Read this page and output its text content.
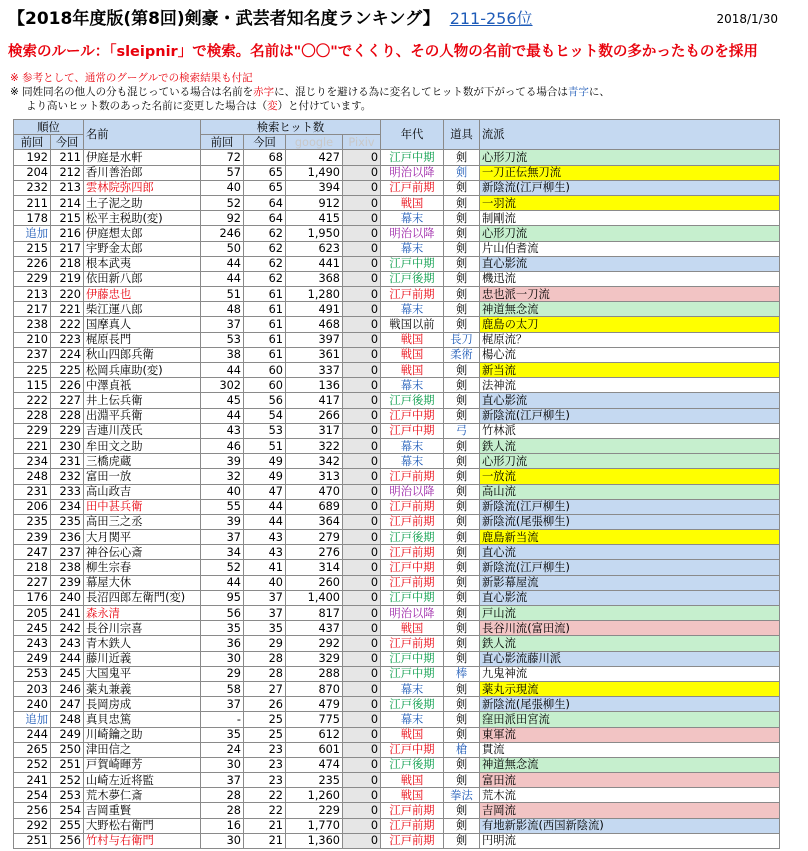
【2018年度版(第8回)剣豪・武芸者知名度ランキング】 211-256位	2018/1/30
検索のルール：「sleipnir」で検索。名前は"〇〇"でくくり、その人物の名前で最もヒット数の多かったものを採用
※ 参考として、通常のグーグルでの検索結果も付記
※ 同姓同名の他人の分も混じっている場合は名前を赤字に、混じりを避ける為に変名してヒット数が下がってる場合は青字に、
より高いヒット数のあった名前に変更した場合は（変）と付けています。
順位		名前	検索ヒット数				年代	道具	流派
前回	今回		前回	今回	google	Pixiv			
192	211	伊庭是水軒	72	68	427	0	江戸中期	剣	心形刀流
204	212	香川善治郎	57	65	1,490	0	明治以降	剣	一刀正伝無刀流
232	213	雲林院弥四郎	40	65	394	0	江戸前期	剣	新陰流(江戸柳生)
211	214	土子泥之助	52	64	912	0	戦国	剣	一羽流
178	215	松平主税助(変)	92	64	415	0	幕末	剣	制剛流
追加	216	伊庭想太郎	246	62	1,950	0	明治以降	剣	心形刀流
215	217	宇野金太郎	50	62	623	0	幕末	剣	片山伯耆流
226	218	根本武夷	44	62	441	0	江戸中期	剣	直心影流
229	219	依田新八郎	44	62	368	0	江戸後期	剣	機迅流
213	220	伊藤忠也	51	61	1,280	0	江戸前期	剣	忠也派一刀流
217	221	柴江運八郎	48	61	491	0	幕末	剣	神道無念流
238	222	国摩真人	37	61	468	0	戦国以前	剣	鹿島の太刀
210	223	梶原長門	53	61	397	0	戦国	長刀	梶原流？
237	224	秋山四郎兵衛	38	61	361	0	戦国	柔術	楊心流
225	225	松岡兵庫助(変)	44	60	337	0	戦国	剣	新当流
115	226	中澤貞祇	302	60	136	0	幕末	剣	法神流
222	227	井上伝兵衛	45	56	417	0	江戸後期	剣	直心影流
228	228	出淵平兵衛	44	54	266	0	江戸中期	剣	新陰流(江戸柳生)
229	229	吉連川茂氏	43	53	317	0	江戸中期	弓	竹林派
221	230	牟田文之助	46	51	322	0	幕末	剣	鉄人流
234	231	三橋虎蔵	39	49	342	0	幕末	剣	心形刀流
248	232	富田一放	32	49	313	0	江戸前期	剣	一放流
231	233	高山政吉	40	47	470	0	明治以降	剣	高山流
206	234	田中甚兵衛	55	44	689	0	江戸前期	剣	新陰流(江戸柳生)
235	235	高田三之丞	39	44	364	0	江戸前期	剣	新陰流(尾張柳生)
239	236	大月関平	37	43	279	0	江戸後期	剣	鹿島新当流
247	237	神谷伝心斎	34	43	276	0	江戸前期	剣	直心流
218	238	柳生宗春	52	41	314	0	江戸中期	剣	新陰流(江戸柳生)
227	239	幕屋大休	44	40	260	0	江戸前期	剣	新影幕屋流
176	240	長沼四郎左衛門(変)	95	37	1,400	0	江戸中期	剣	直心影流
205	241	森永清	56	37	817	0	明治以降	剣	戸山流
245	242	長谷川宗喜	35	35	437	0	戦国	剣	長谷川流(富田流)
243	243	青木鉄人	36	29	292	0	江戸前期	剣	鉄人流
249	244	藤川近義	30	28	329	0	江戸中期	剣	直心影流藤川派
253	245	大国鬼平	29	28	288	0	江戸中期	棒	九鬼神流
203	246	薬丸兼義	58	27	870	0	幕末	剣	薬丸示現流
240	247	長岡房成	37	26	479	0	江戸後期	剣	新陰流(尾張柳生)
追加	248	真貝忠篤	-	25	775	0	幕末	剣	窪田派田宮流
244	249	川崎鑰之助	35	25	612	0	戦国	剣	東軍流
265	250	津田信之	24	23	601	0	江戸中期	槍	貫流
252	251	戸賀崎暉芳	30	23	474	0	江戸後期	剣	神道無念流
241	252	山崎左近将監	37	23	235	0	戦国	剣	富田流
254	253	荒木夢仁斎	28	22	1,260	0	戦国	拳法	荒木流
256	254	吉岡重賢	28	22	229	0	江戸前期	剣	吉岡流
292	255	大野松右衛門	16	21	1,770	0	江戸前期	剣	有地新影流(西国新陰流)
251	256	竹村与右衛門	30	21	1,360	0	江戸前期	剣	円明流
